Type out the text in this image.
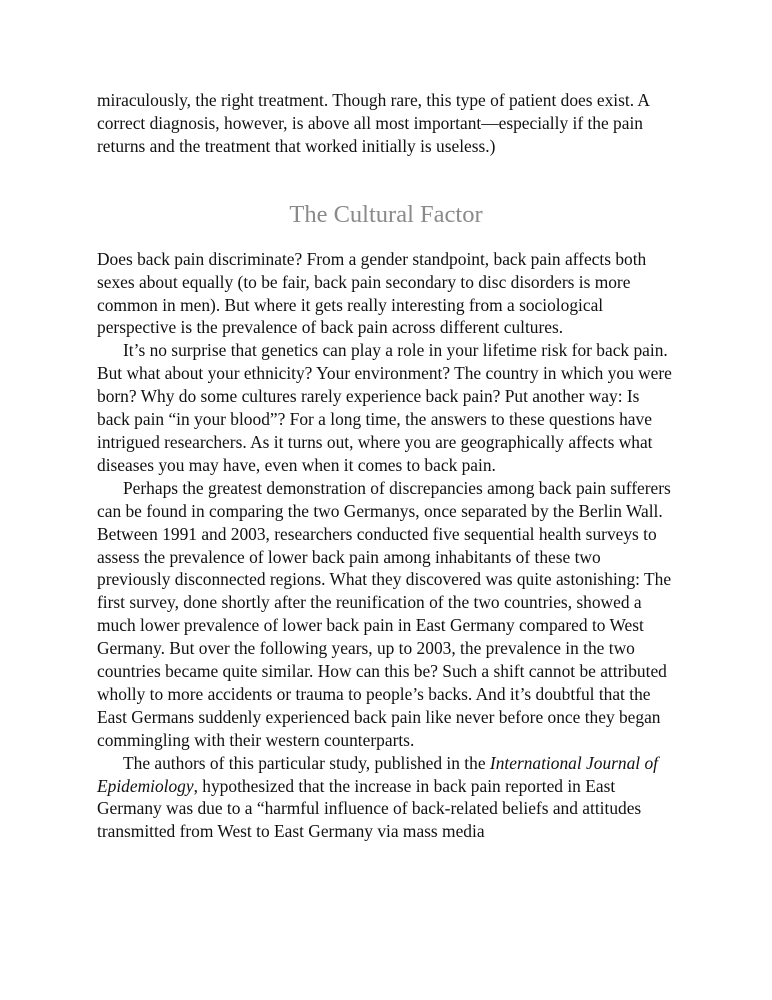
miraculously, the right treatment. Though rare, this type of patient does exist. A correct diagnosis, however, is above all most important—especially if the pain returns and the treatment that worked initially is useless.)

The Cultural Factor

Does back pain discriminate? From a gender standpoint, back pain affects both sexes about equally (to be fair, back pain secondary to disc disorders is more common in men). But where it gets really interesting from a sociological perspective is the prevalence of back pain across different cultures.

It’s no surprise that genetics can play a role in your lifetime risk for back pain. But what about your ethnicity? Your environment? The country in which you were born? Why do some cultures rarely experience back pain? Put another way: Is back pain “in your blood”? For a long time, the answers to these questions have intrigued researchers. As it turns out, where you are geographically affects what diseases you may have, even when it comes to back pain.

Perhaps the greatest demonstration of discrepancies among back pain sufferers can be found in comparing the two Germanys, once separated by the Berlin Wall. Between 1991 and 2003, researchers conducted five sequential health surveys to assess the prevalence of lower back pain among inhabitants of these two previously disconnected regions. What they discovered was quite astonishing: The first survey, done shortly after the reunification of the two countries, showed a much lower prevalence of lower back pain in East Germany compared to West Germany. But over the following years, up to 2003, the prevalence in the two countries became quite similar. How can this be? Such a shift cannot be attributed wholly to more accidents or trauma to people’s backs. And it’s doubtful that the East Germans suddenly experienced back pain like never before once they began commingling with their western counterparts.

The authors of this particular study, published in the International Journal of Epidemiology, hypothesized that the increase in back pain reported in East Germany was due to a “harmful influence of back-related beliefs and attitudes transmitted from West to East Germany via mass media
